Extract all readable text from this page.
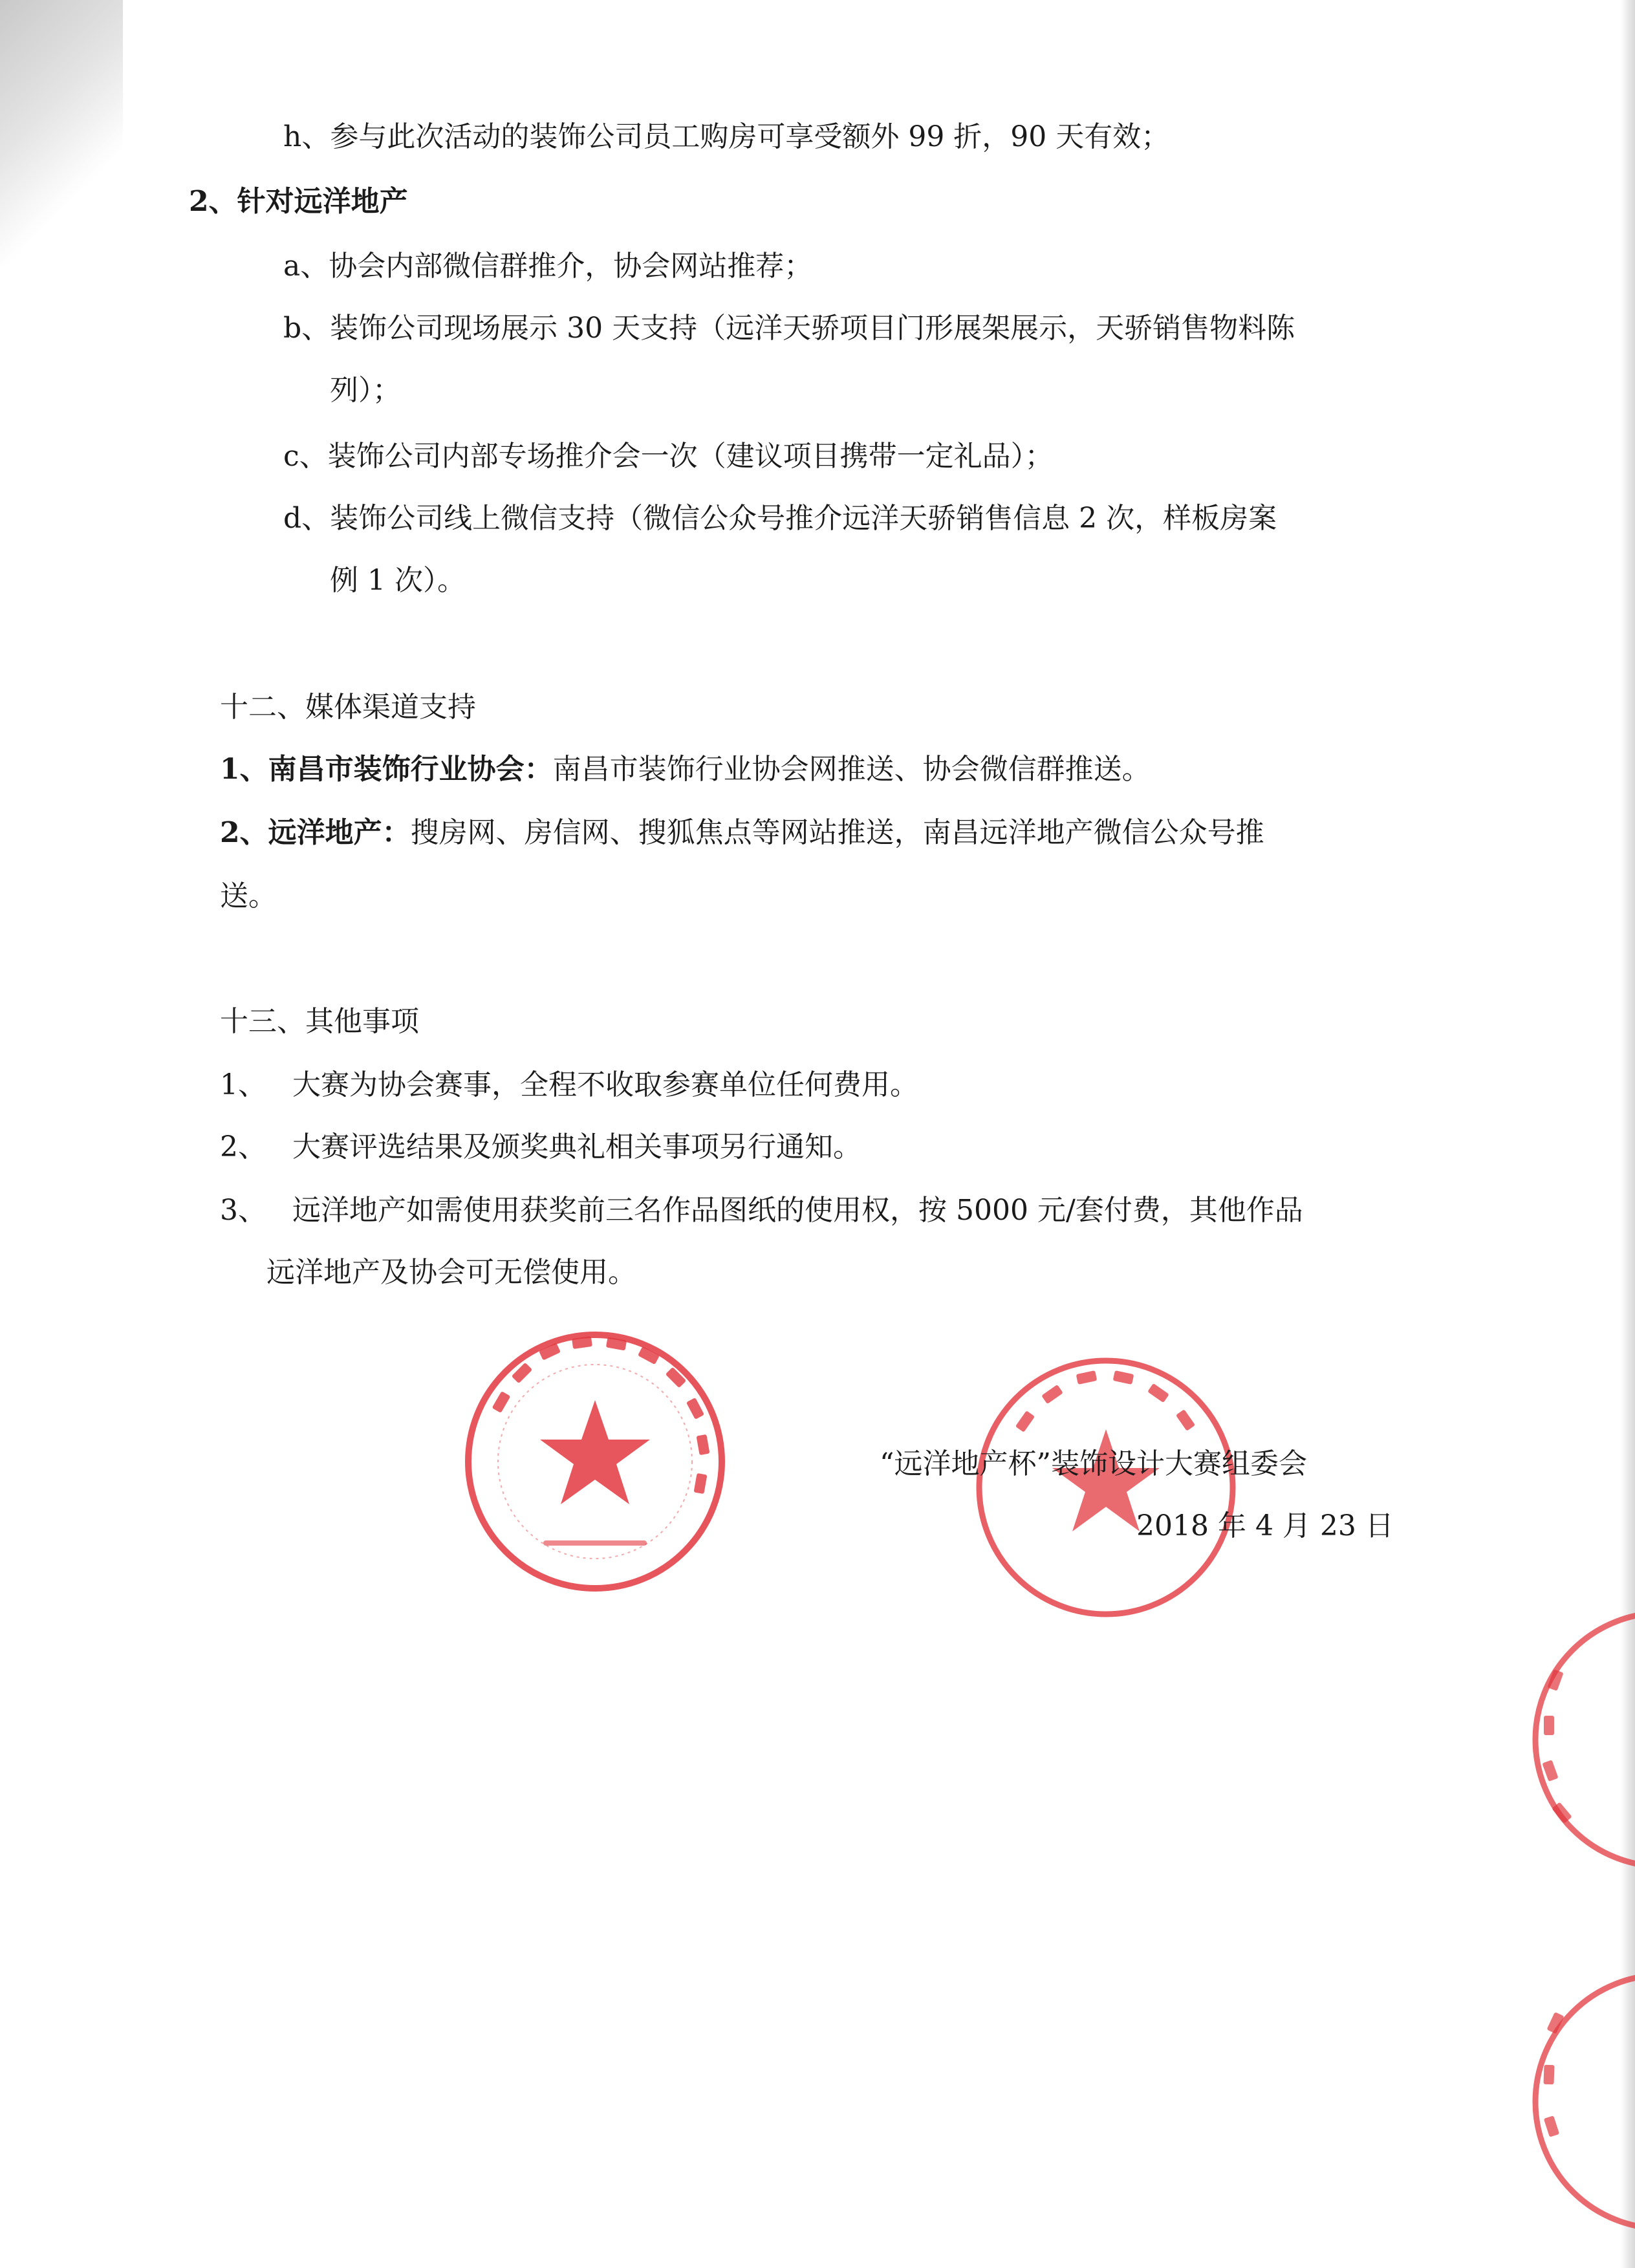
h、参与此次活动的装饰公司员工购房可享受额外 99 折，90 天有效；
2、针对远洋地产
a、协会内部微信群推介，协会网站推荐；
b、装饰公司现场展示 30 天支持（远洋天骄项目门形展架展示，天骄销售物料陈
列）；
c、装饰公司内部专场推介会一次（建议项目携带一定礼品）；
d、装饰公司线上微信支持（微信公众号推介远洋天骄销售信息 2 次，样板房案
例 1 次）。
十二、媒体渠道支持
1、南昌市装饰行业协会：南昌市装饰行业协会网推送、协会微信群推送。
2、远洋地产：搜房网、房信网、搜狐焦点等网站推送，南昌远洋地产微信公众号推
送。
十三、其他事项
1、 大赛为协会赛事，全程不收取参赛单位任何费用。
2、 大赛评选结果及颁奖典礼相关事项另行通知。
3、 远洋地产如需使用获奖前三名作品图纸的使用权，按 5000 元/套付费，其他作品
远洋地产及协会可无偿使用。
“远洋地产杯”装饰设计大赛组委会
2018 年 4 月 23 日
